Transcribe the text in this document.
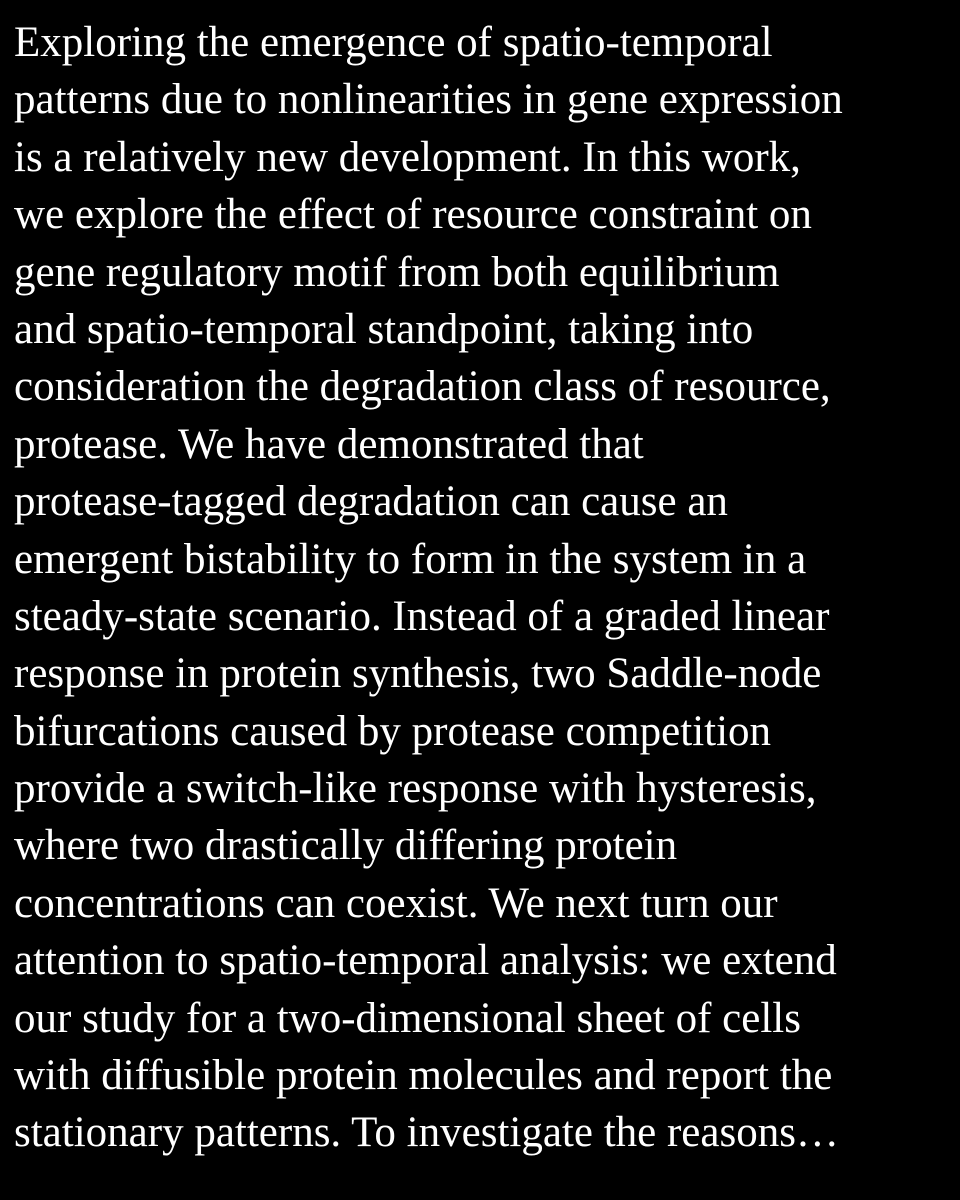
Exploring the emergence of spatio-temporal
patterns due to nonlinearities in gene expression
is a relatively new development. In this work,
we explore the effect of resource constraint on
gene regulatory motif from both equilibrium
and spatio-temporal standpoint, taking into
consideration the degradation class of resource,
protease. We have demonstrated that
protease-tagged degradation can cause an
emergent bistability to form in the system in a
steady-state scenario. Instead of a graded linear
response in protein synthesis, two Saddle-node
bifurcations caused by protease competition
provide a switch-like response with hysteresis,
where two drastically differing protein
concentrations can coexist. We next turn our
attention to spatio-temporal analysis: we extend
our study for a two-dimensional sheet of cells
with diffusible protein molecules and report the
stationary patterns. To investigate the reasons…
